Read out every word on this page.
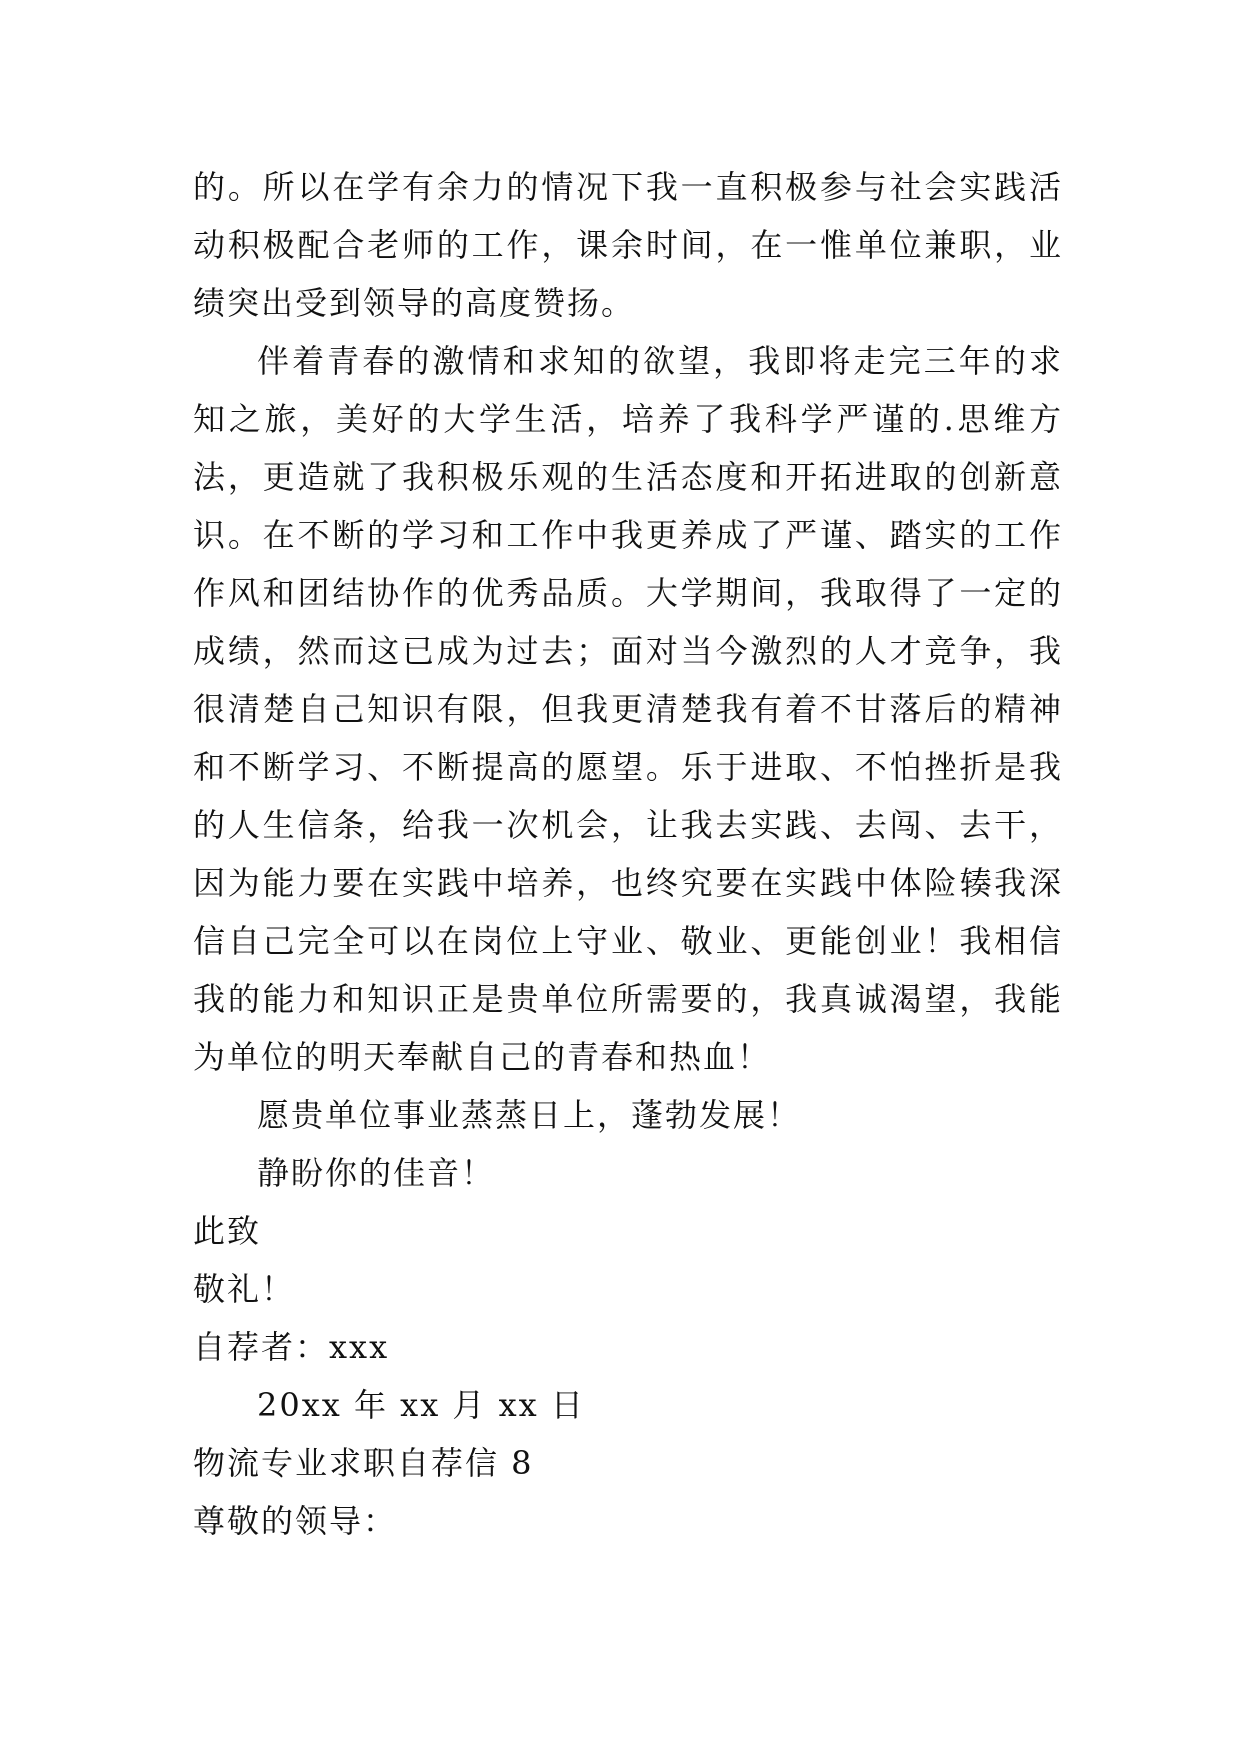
的。所以在学有余力的情况下我一直积极参与社会实践活动积极配合老师的工作，课余时间，在一惟单位兼职，业绩突出受到领导的高度赞扬。

伴着青春的激情和求知的欲望，我即将走完三年的求知之旅，美好的大学生活，培养了我科学严谨的.思维方法，更造就了我积极乐观的生活态度和开拓进取的创新意识。在不断的学习和工作中我更养成了严谨、踏实的工作作风和团结协作的优秀品质。大学期间，我取得了一定的成绩，然而这已成为过去；面对当今激烈的人才竞争，我很清楚自己知识有限，但我更清楚我有着不甘落后的精神和不断学习、不断提高的愿望。乐于进取、不怕挫折是我的人生信条，给我一次机会，让我去实践、去闯、去干，因为能力要在实践中培养，也终究要在实践中体险辏我深信自己完全可以在岗位上守业、敬业、更能创业！我相信我的能力和知识正是贵单位所需要的，我真诚渴望，我能为单位的明天奉献自己的青春和热血！

愿贵单位事业蒸蒸日上，蓬勃发展！

静盼你的佳音！

此致

敬礼！

自荐者：xxx

20xx 年 xx 月 xx 日

物流专业求职自荐信 8

尊敬的领导：
